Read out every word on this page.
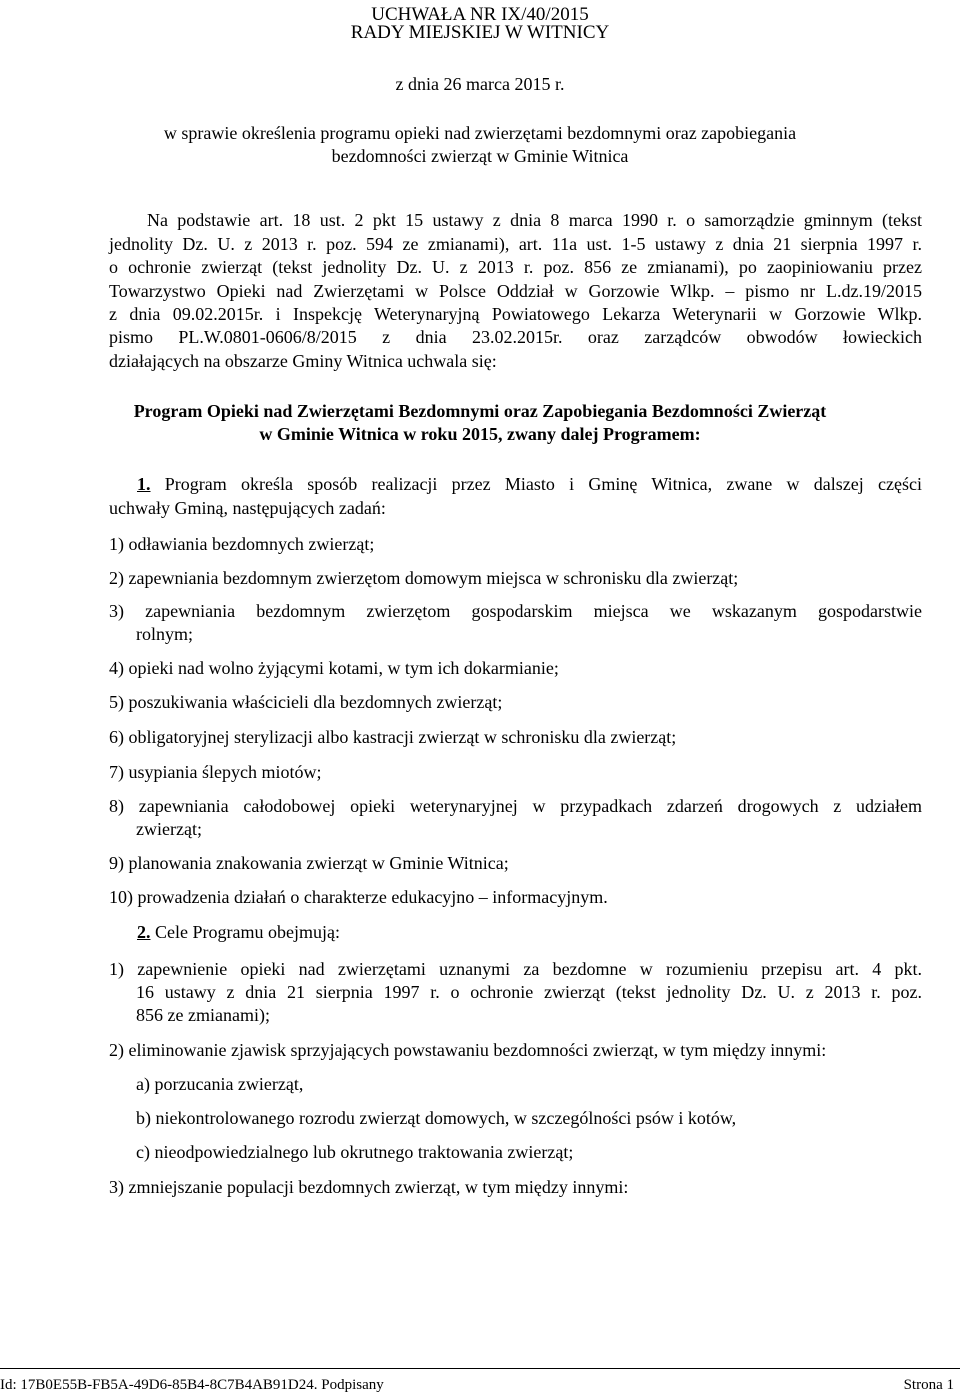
UCHWAŁA NR IX/40/2015
RADY MIEJSKIEJ W WITNICY
z dnia 26 marca 2015 r.
w sprawie określenia programu opieki nad zwierzętami bezdomnymi oraz zapobiegania
bezdomności zwierząt w Gminie Witnica
Na podstawie art. 18 ust. 2 pkt 15 ustawy z dnia 8 marca 1990 r. o samorządzie gminnym (tekst
jednolity Dz. U. z 2013 r. poz. 594 ze zmianami), art. 11a ust. 1-5 ustawy z dnia 21 sierpnia 1997 r.
o ochronie zwierząt (tekst jednolity Dz. U. z 2013 r. poz. 856 ze zmianami), po zaopiniowaniu przez
Towarzystwo Opieki nad Zwierzętami w Polsce Oddział w Gorzowie Wlkp. – pismo nr L.dz.19/2015
z dnia 09.02.2015r. i Inspekcję Weterynaryjną Powiatowego Lekarza Weterynarii w Gorzowie Wlkp.
pismo PL.W.0801-0606/8/2015 z dnia 23.02.2015r. oraz zarządców obwodów łowieckich
działających na obszarze Gminy Witnica uchwala się:
Program Opieki nad Zwierzętami Bezdomnymi oraz Zapobiegania Bezdomności Zwierząt
w Gminie Witnica w roku 2015, zwany dalej Programem:
1. Program określa sposób realizacji przez Miasto i Gminę Witnica, zwane w dalszej części
uchwały Gminą, następujących zadań:
1) odławiania bezdomnych zwierząt;
2) zapewniania bezdomnym zwierzętom domowym miejsca w schronisku dla zwierząt;
3) zapewniania bezdomnym zwierzętom gospodarskim miejsca we wskazanym gospodarstwie
rolnym;
4) opieki nad wolno żyjącymi kotami, w tym ich dokarmianie;
5) poszukiwania właścicieli dla bezdomnych zwierząt;
6) obligatoryjnej sterylizacji albo kastracji zwierząt w schronisku dla zwierząt;
7) usypiania ślepych miotów;
8) zapewniania całodobowej opieki weterynaryjnej w przypadkach zdarzeń drogowych z udziałem
zwierząt;
9) planowania znakowania zwierząt w Gminie Witnica;
10) prowadzenia działań o charakterze edukacyjno – informacyjnym.
2. Cele Programu obejmują:
1) zapewnienie opieki nad zwierzętami uznanymi za bezdomne w rozumieniu przepisu art. 4 pkt.
16 ustawy z dnia 21 sierpnia 1997 r. o ochronie zwierząt (tekst jednolity Dz. U. z 2013 r. poz.
856 ze zmianami);
2) eliminowanie zjawisk sprzyjających powstawaniu bezdomności zwierząt, w tym między innymi:
a) porzucania zwierząt,
b) niekontrolowanego rozrodu zwierząt domowych, w szczególności psów i kotów,
c) nieodpowiedzialnego lub okrutnego traktowania zwierząt;
3) zmniejszanie populacji bezdomnych zwierząt, w tym między innymi:
Id: 17B0E55B-FB5A-49D6-85B4-8C7B4AB91D24. Podpisany	Strona 1
